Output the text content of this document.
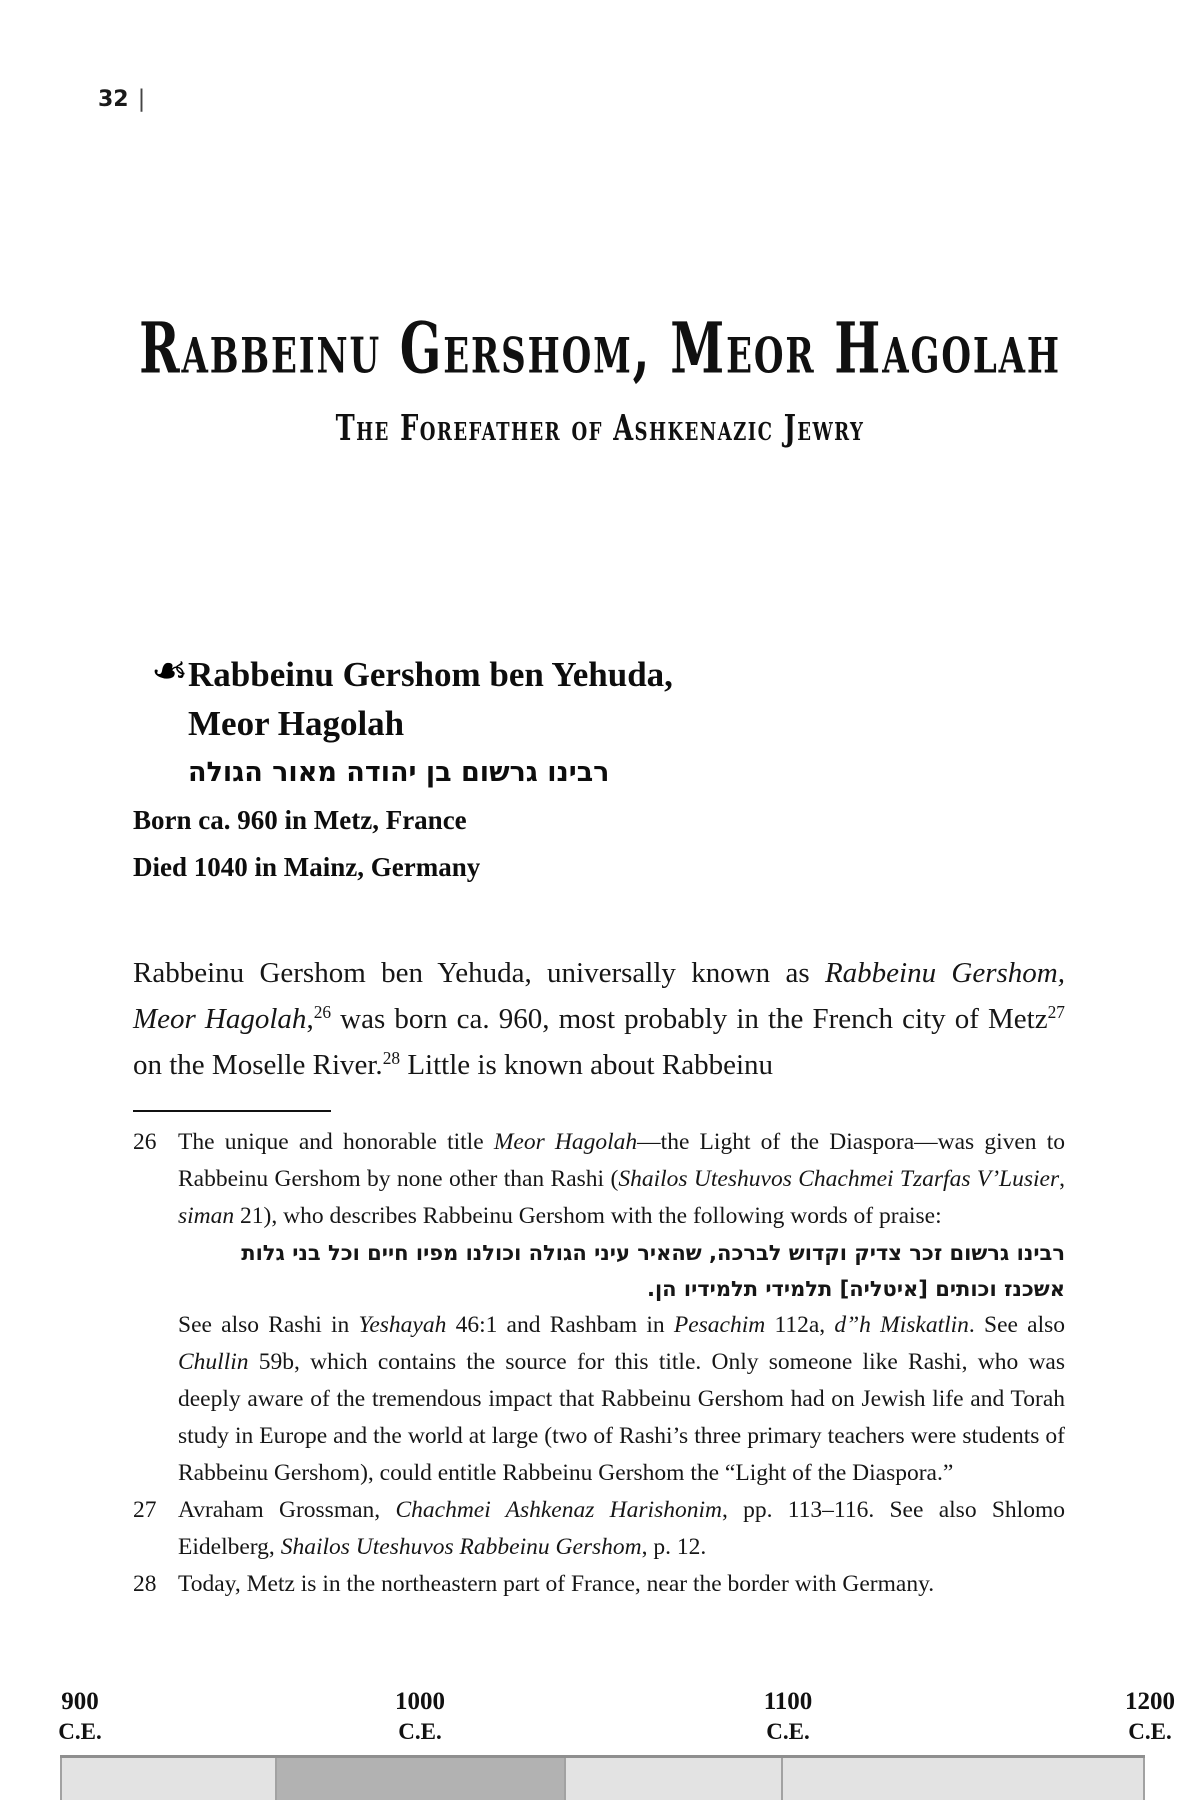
32 |
Rabbeinu Gershom, Meor Hagolah
The Forefather of Ashkenazic Jewry
❧ Rabbeinu Gershom ben Yehuda,
Meor Hagolah
רבינו גרשום בן יהודה מאור הגולה
Born ca. 960 in Metz, France
Died 1040 in Mainz, Germany

Rabbeinu Gershom ben Yehuda, universally known as Rabbeinu Gershom, Meor Hagolah,$^{26}$ was born ca. 960, most probably in the French city of Metz$^{27}$ on the Moselle River.$^{28}$ Little is known about Rabbeinu

26 The unique and honorable title Meor Hagolah—the Light of the Diaspora—was given to Rabbeinu Gershom by none other than Rashi (Shailos Uteshuvos Chachmei Tzarfas V’Lusier, siman 21), who describes Rabbeinu Gershom with the following words of praise:
רבינו גרשום זכר צדיק וקדוש לברכה, שהאיר עיני הגולה וכולנו מפיו חיים וכל בני גלות אשכנז וכותים [איטליה] תלמידי תלמידיו הן.
See also Rashi in Yeshayah 46:1 and Rashbam in Pesachim 112a, d”h Miskatlin. See also Chullin 59b, which contains the source for this title. Only someone like Rashi, who was deeply aware of the tremendous impact that Rabbeinu Gershom had on Jewish life and Torah study in Europe and the world at large (two of Rashi’s three primary teachers were students of Rabbeinu Gershom), could entitle Rabbeinu Gershom the “Light of the Diaspora.”
27 Avraham Grossman, Chachmei Ashkenaz Harishonim, pp. 113–116. See also Shlomo Eidelberg, Shailos Uteshuvos Rabbeinu Gershom, p. 12.
28 Today, Metz is in the northeastern part of France, near the border with Germany.
900
C.E.
1000
C.E.
1100
C.E.
1200
C.E.
